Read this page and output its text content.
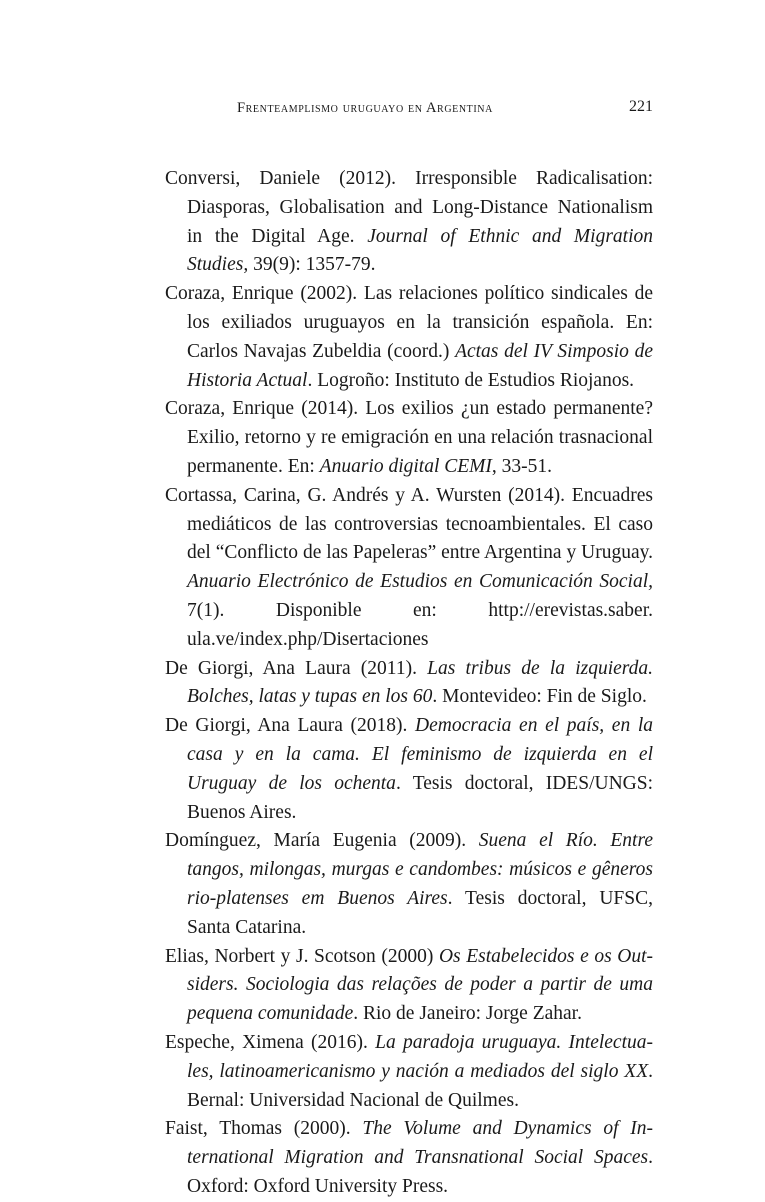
Frenteamplismo uruguayo en Argentina	221

Conversi, Daniele (2012). Irresponsible Radicalisation: Diasporas, Globalisation and Long-Distance Nationalism in the Digital Age. Journal of Ethnic and Migration Studies, 39(9): 1357-79.

Coraza, Enrique (2002). Las relaciones político sindicales de los exiliados uruguayos en la transición española. En: Carlos Navajas Zubeldia (coord.) Actas del IV Simposio de Historia Actual. Logroño: Instituto de Estudios Riojanos.

Coraza, Enrique (2014). Los exilios ¿un estado permanente? Exilio, retorno y re emigración en una relación trasnacional permanente. En: Anuario digital CEMI, 33-51.

Cortassa, Carina, G. Andrés y A. Wursten (2014). Encuadres mediáticos de las controversias tecnoambientales. El caso del “Conflicto de las Papeleras” entre Argentina y Uruguay. Anuario Electrónico de Estudios en Comunicación Social, 7(1). Disponible en: http://erevistas.saber.​ula.ve/index.php/Disertaciones

De Giorgi, Ana Laura (2011). Las tribus de la izquierda. Bolches, latas y tupas en los 60. Montevideo: Fin de Siglo.

De Giorgi, Ana Laura (2018). Democracia en el país, en la casa y en la cama. El feminismo de izquierda en el Uruguay de los ochenta. Tesis doctoral, IDES/UNGS: Buenos Aires.

Domínguez, María Eugenia (2009). Suena el Río. Entre tangos, milongas, murgas e candombes: músicos e gêneros rio-platenses em Buenos Aires. Tesis doctoral, UFSC, Santa Catarina.

Elias, Norbert y J. Scotson (2000) Os Estabelecidos e os Outsiders. Sociologia das relações de poder a partir de uma pequena comunidade. Rio de Janeiro: Jorge Zahar.

Espeche, Ximena (2016). La paradoja uruguaya. Intelectuales, latinoamericanismo y nación a mediados del siglo XX. Bernal: Universidad Nacional de Quilmes.

Faist, Thomas (2000). The Volume and Dynamics of International Migration and Transnational Social Spaces. Oxford: Oxford University Press.
